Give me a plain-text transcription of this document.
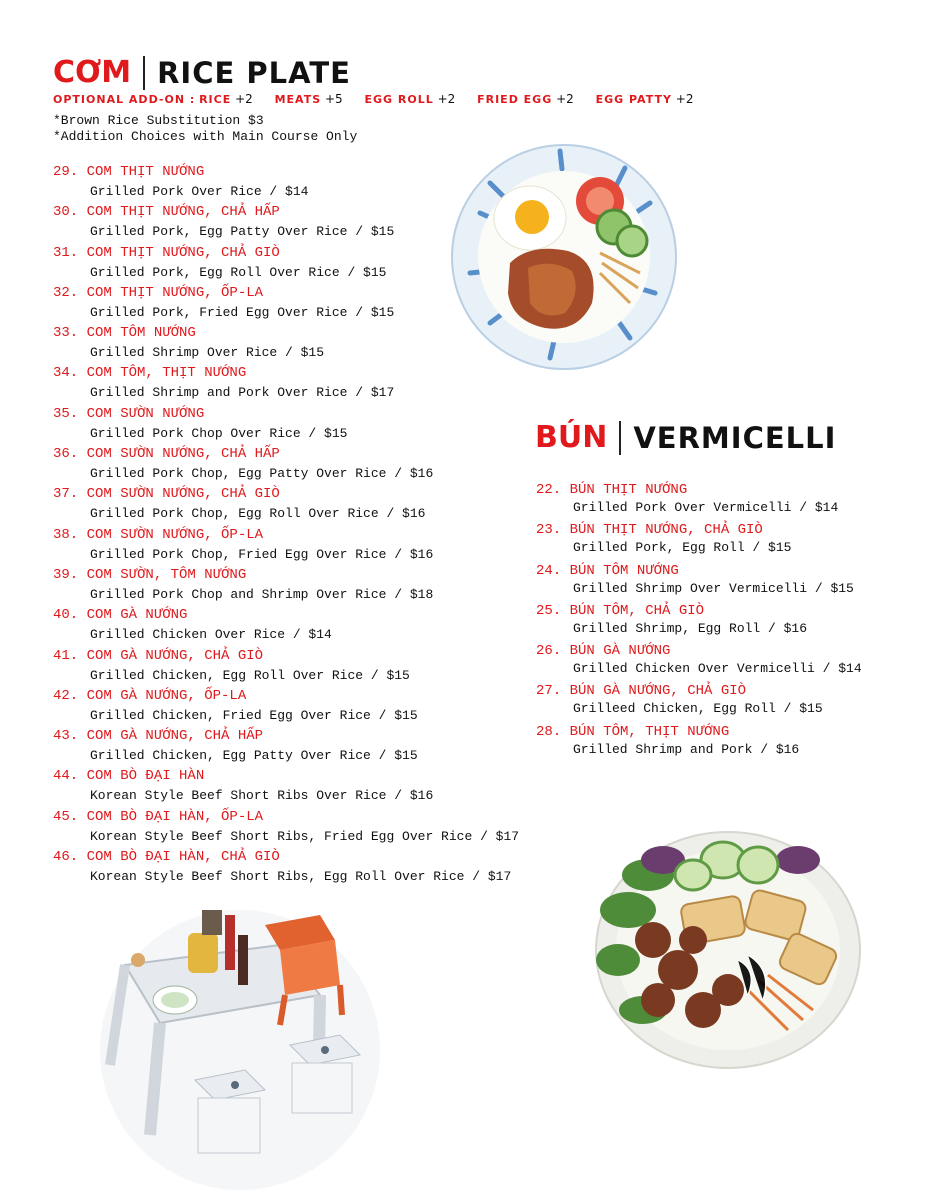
CƠM RICE PLATE
OPTIONAL ADD-ON : RICE +2 MEATS +5 EGG ROLL +2 FRIED EGG +2 EGG PATTY +2
*Brown Rice Substitution $3
*Addition Choices with Main Course Only
29. COM THỊT NƯỚNG
Grilled Pork Over Rice / $14
30. COM THỊT NƯỚNG, CHẢ HẤP
Grilled Pork, Egg Patty Over Rice / $15
31. COM THỊT NƯỚNG, CHẢ GIÒ
Grilled Pork, Egg Roll Over Rice / $15
32. COM THỊT NƯỚNG, ỐP-LA
Grilled Pork, Fried Egg Over Rice / $15
33. COM TÔM NƯỚNG
Grilled Shrimp Over Rice / $15
34. COM TÔM, THỊT NƯỚNG
Grilled Shrimp and Pork Over Rice / $17
35. COM SƯỜN NƯỚNG
Grilled Pork Chop Over Rice / $15
36. COM SƯỜN NƯỚNG, CHẢ HẤP
Grilled Pork Chop, Egg Patty Over Rice / $16
37. COM SƯỜN NƯỚNG, CHẢ GIÒ
Grilled Pork Chop, Egg Roll Over Rice / $16
38. COM SƯỜN NƯỚNG, ỐP-LA
Grilled Pork Chop, Fried Egg Over Rice / $16
39. COM SƯỜN, TÔM NƯỚNG
Grilled Pork Chop and Shrimp Over Rice / $18
40. COM GÀ NƯỚNG
Grilled Chicken Over Rice / $14
41. COM GÀ NƯỚNG, CHẢ GIÒ
Grilled Chicken, Egg Roll Over Rice / $15
42. COM GÀ NƯỚNG, ỐP-LA
Grilled Chicken, Fried Egg Over Rice / $15
43. COM GÀ NƯỚNG, CHẢ HẤP
Grilled Chicken, Egg Patty Over Rice / $15
44. COM BÒ ĐẠI HÀN
Korean Style Beef Short Ribs Over Rice / $16
45. COM BÒ ĐẠI HÀN, ỐP-LA
Korean Style Beef Short Ribs, Fried Egg Over Rice / $17
46. COM BÒ ĐẠI HÀN, CHẢ GIÒ
Korean Style Beef Short Ribs, Egg Roll Over Rice / $17
BÚN VERMICELLI
22. BÚN THỊT NƯỚNG
Grilled Pork Over Vermicelli / $14
23. BÚN THỊT NƯỚNG, CHẢ GIÒ
Grilled Pork, Egg Roll / $15
24. BÚN TÔM NƯỚNG
Grilled Shrimp Over Vermicelli / $15
25. BÚN TÔM, CHẢ GIÒ
Grilled Shrimp, Egg Roll / $16
26. BÚN GÀ NƯỚNG
Grilled Chicken Over Vermicelli / $14
27. BÚN GÀ NƯỚNG, CHẢ GIÒ
Grilleed Chicken, Egg Roll / $15
28. BÚN TÔM, THỊT NƯỚNG
Grilled Shrimp and Pork / $16
